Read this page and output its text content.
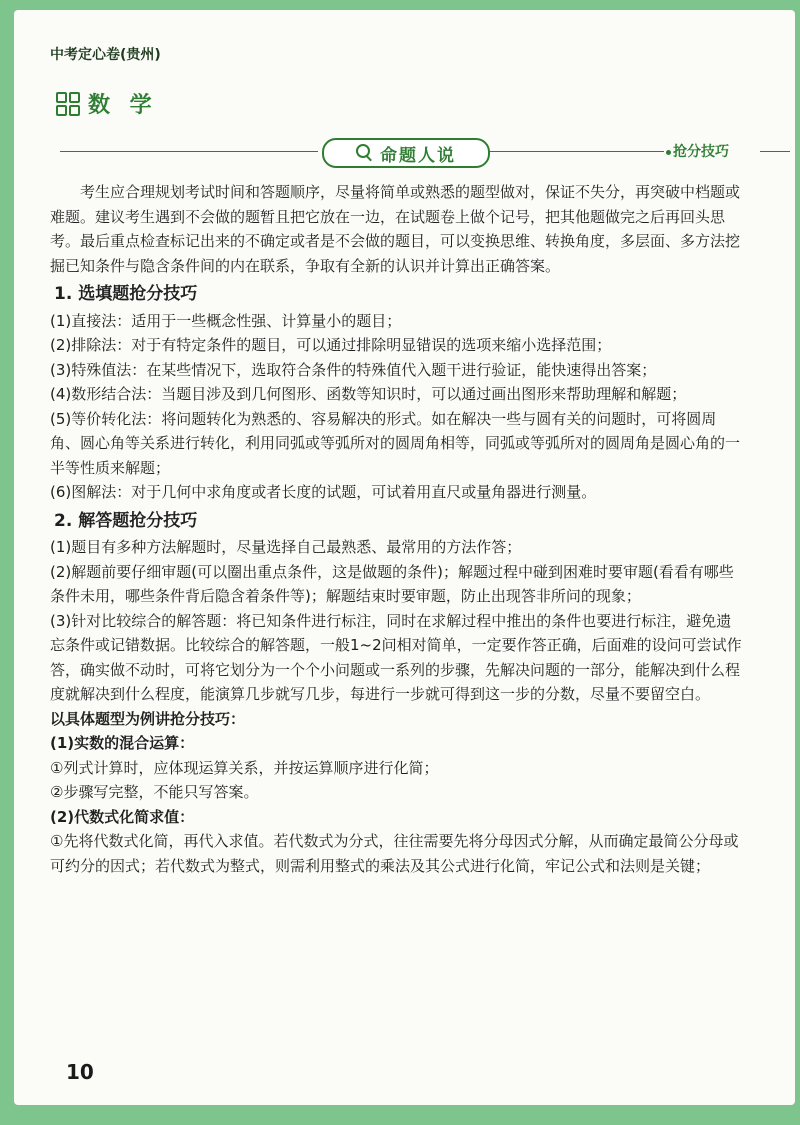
中考定心卷(贵州)
数 学
命题人说	抢分技巧

考生应合理规划考试时间和答题顺序，尽量将简单或熟悉的题型做对，保证不失分，再突破中档题或难题。建议考生遇到不会做的题暂且把它放在一边，在试题卷上做个记号，把其他题做完之后再回头思考。最后重点检查标记出来的不确定或者是不会做的题目，可以变换思维、转换角度，多层面、多方法挖掘已知条件与隐含条件间的内在联系，争取有全新的认识并计算出正确答案。

1. 选填题抢分技巧

(1)直接法：适用于一些概念性强、计算量小的题目；

(2)排除法：对于有特定条件的题目，可以通过排除明显错误的选项来缩小选择范围；

(3)特殊值法：在某些情况下，选取符合条件的特殊值代入题干进行验证，能快速得出答案；

(4)数形结合法：当题目涉及到几何图形、函数等知识时，可以通过画出图形来帮助理解和解题；

(5)等价转化法：将问题转化为熟悉的、容易解决的形式。如在解决一些与圆有关的问题时，可将圆周角、圆心角等关系进行转化，利用同弧或等弧所对的圆周角相等，同弧或等弧所对的圆周角是圆心角的一半等性质来解题；

(6)图解法：对于几何中求角度或者长度的试题，可试着用直尺或量角器进行测量。

2. 解答题抢分技巧

(1)题目有多种方法解题时，尽量选择自己最熟悉、最常用的方法作答；

(2)解题前要仔细审题(可以圈出重点条件，这是做题的条件)；解题过程中碰到困难时要审题(看看有哪些条件未用，哪些条件背后隐含着条件等)；解题结束时要审题，防止出现答非所问的现象；

(3)针对比较综合的解答题：将已知条件进行标注，同时在求解过程中推出的条件也要进行标注，避免遗忘条件或记错数据。比较综合的解答题，一般1~2问相对简单，一定要作答正确，后面难的设问可尝试作答，确实做不动时，可将它划分为一个个小问题或一系列的步骤，先解决问题的一部分，能解决到什么程度就解决到什么程度，能演算几步就写几步，每进行一步就可得到这一步的分数，尽量不要留空白。

以具体题型为例讲抢分技巧：

(1)实数的混合运算：

①列式计算时，应体现运算关系，并按运算顺序进行化简；

②步骤写完整，不能只写答案。

(2)代数式化简求值：

①先将代数式化简，再代入求值。若代数式为分式，往往需要先将分母因式分解，从而确定最简公分母或可约分的因式；若代数式为整式，则需利用整式的乘法及其公式进行化简，牢记公式和法则是关键；

10
